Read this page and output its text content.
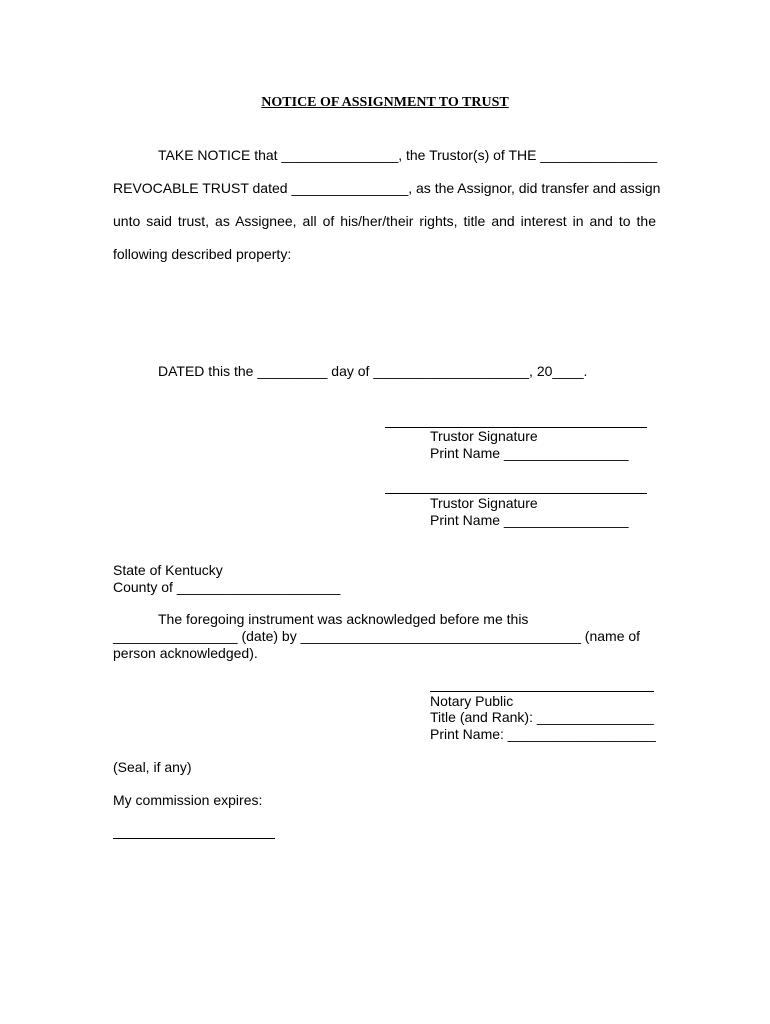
NOTICE OF ASSIGNMENT TO TRUST
TAKE NOTICE that _______________, the Trustor(s) of THE _______________
REVOCABLE TRUST dated _______________, as the Assignor, did transfer and assign
unto said trust, as Assignee, all of his/her/their rights, title and interest in and to the
following described property:
DATED this the _________ day of ____________________, 20____.
Trustor Signature
Print Name ________________
Trustor Signature
Print Name ________________
State of Kentucky
County of _____________________
The foregoing instrument was acknowledged before me this
________________ (date) by ____________________________________ (name of
person acknowledged).
Notary Public
Title (and Rank): _______________
Print Name: ___________________
(Seal, if any)
My commission expires:
